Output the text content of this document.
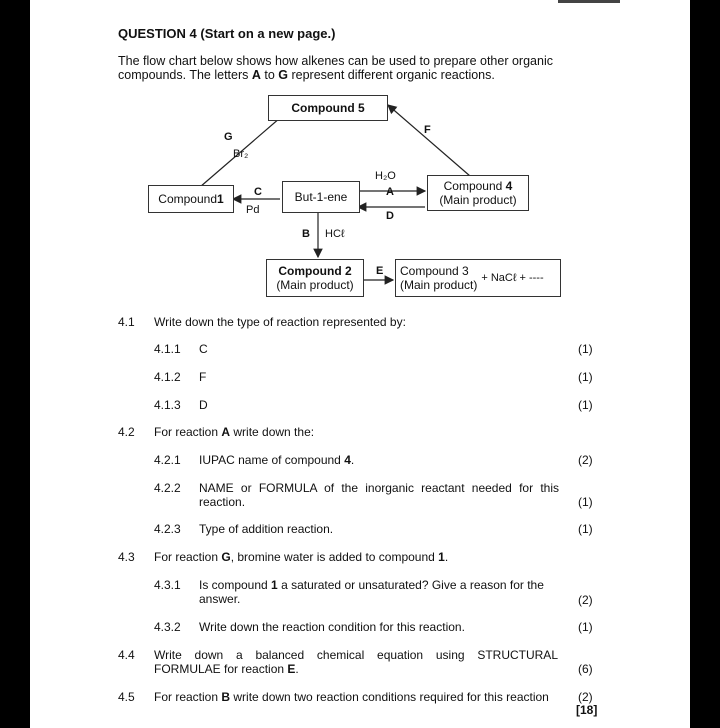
QUESTION 4 (Start on a new page.)
The flow chart below shows how alkenes can be used to prepare other organic
compounds. The letters A to G represent different organic reactions.
Compound 5
Compound 1	But-1-ene
Compound 4
(Main product)
Compound 2
(Main product)
Compound 3
(Main product) + NaCℓ + ----
G
Br₂
F
C
Pd
H₂O
A
D
B HCℓ
E
4.1 Write down the type of reaction represented by:
4.1.1 C	(1)
4.1.2 F	(1)
4.1.3 D	(1)
4.2 For reaction A write down the:
4.2.1 IUPAC name of compound 4.	(2)
4.2.2 NAME or FORMULA of the inorganic reactant needed for this
reaction.	(1)
4.2.3 Type of addition reaction.	(1)
4.3 For reaction G, bromine water is added to compound 1.
4.3.1 Is compound 1 a saturated or unsaturated? Give a reason for the
answer.	(2)
4.3.2 Write down the reaction condition for this reaction.	(1)
4.4 Write down a balanced chemical equation using STRUCTURAL
FORMULAE for reaction E.	(6)
4.5 For reaction B write down two reaction conditions required for this reaction (2)
[18]
